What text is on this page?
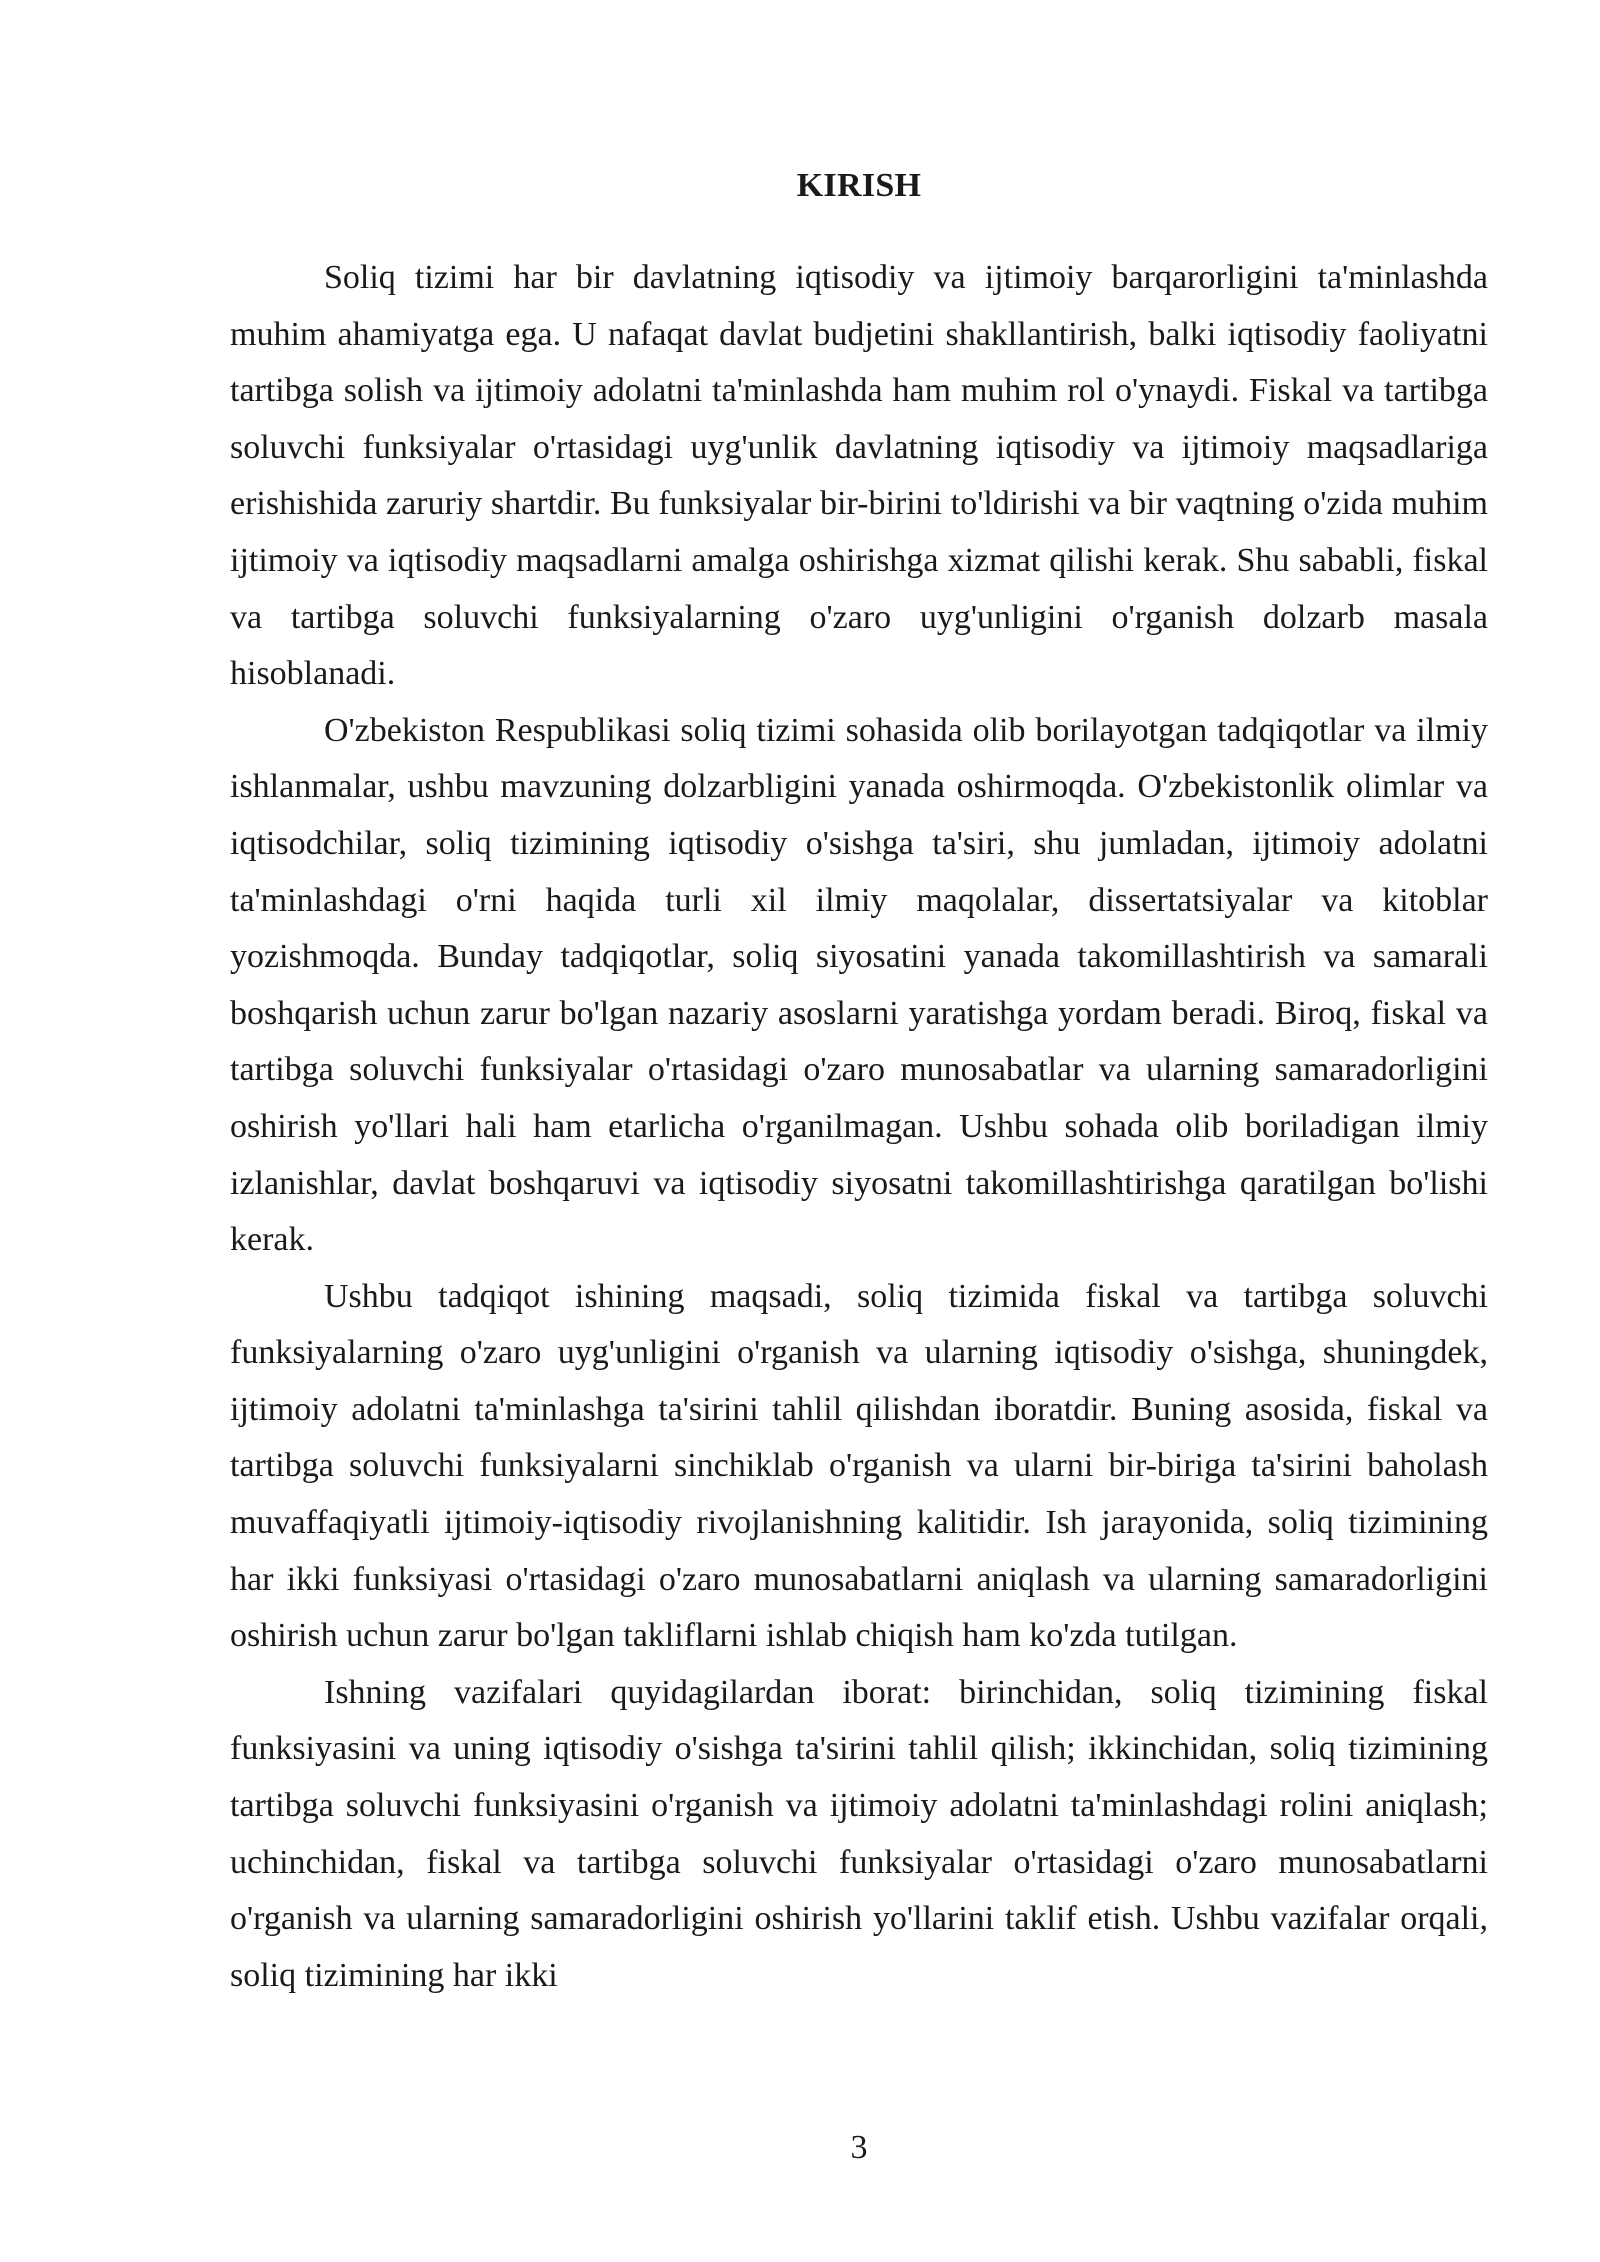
KIRISH

Soliq tizimi har bir davlatning iqtisodiy va ijtimoiy barqarorligini ta'minlashda muhim ahamiyatga ega. U nafaqat davlat budjetini shakllantirish, balki iqtisodiy faoliyatni tartibga solish va ijtimoiy adolatni ta'minlashda ham muhim rol o'ynaydi. Fiskal va tartibga soluvchi funksiyalar o'rtasidagi uyg'unlik davlatning iqtisodiy va ijtimoiy maqsadlariga erishishida zaruriy shartdir. Bu funksiyalar bir-birini to'ldirishi va bir vaqtning o'zida muhim ijtimoiy va iqtisodiy maqsadlarni amalga oshirishga xizmat qilishi kerak. Shu sababli, fiskal va tartibga soluvchi funksiyalarning o'zaro uyg'unligini o'rganish dolzarb masala hisoblanadi.

O'zbekiston Respublikasi soliq tizimi sohasida olib borilayotgan tadqiqotlar va ilmiy ishlanmalar, ushbu mavzuning dolzarbligini yanada oshirmoqda. O'zbekistonlik olimlar va iqtisodchilar, soliq tizimining iqtisodiy o'sishga ta'siri, shu jumladan, ijtimoiy adolatni ta'minlashdagi o'rni haqida turli xil ilmiy maqolalar, dissertatsiyalar va kitoblar yozishmoqda. Bunday tadqiqotlar, soliq siyosatini yanada takomillashtirish va samarali boshqarish uchun zarur bo'lgan nazariy asoslarni yaratishga yordam beradi. Biroq, fiskal va tartibga soluvchi funksiyalar o'rtasidagi o'zaro munosabatlar va ularning samaradorligini oshirish yo'llari hali ham etarlicha o'rganilmagan. Ushbu sohada olib boriladigan ilmiy izlanishlar, davlat boshqaruvi va iqtisodiy siyosatni takomillashtirishga qaratilgan bo'lishi kerak.

Ushbu tadqiqot ishining maqsadi, soliq tizimida fiskal va tartibga soluvchi funksiyalarning o'zaro uyg'unligini o'rganish va ularning iqtisodiy o'sishga, shuningdek, ijtimoiy adolatni ta'minlashga ta'sirini tahlil qilishdan iboratdir. Buning asosida, fiskal va tartibga soluvchi funksiyalarni sinchiklab o'rganish va ularni bir-biriga ta'sirini baholash muvaffaqiyatli ijtimoiy-iqtisodiy rivojlanishning kalitidir. Ish jarayonida, soliq tizimining har ikki funksiyasi o'rtasidagi o'zaro munosabatlarni aniqlash va ularning samaradorligini oshirish uchun zarur bo'lgan takliflarni ishlab chiqish ham ko'zda tutilgan.

Ishning vazifalari quyidagilardan iborat: birinchidan, soliq tizimining fiskal funksiyasini va uning iqtisodiy o'sishga ta'sirini tahlil qilish; ikkinchidan, soliq tizimining tartibga soluvchi funksiyasini o'rganish va ijtimoiy adolatni ta'minlashdagi rolini aniqlash; uchinchidan, fiskal va tartibga soluvchi funksiyalar o'rtasidagi o'zaro munosabatlarni o'rganish va ularning samaradorligini oshirish yo'llarini taklif etish. Ushbu vazifalar orqali, soliq tizimining har ikki

3
